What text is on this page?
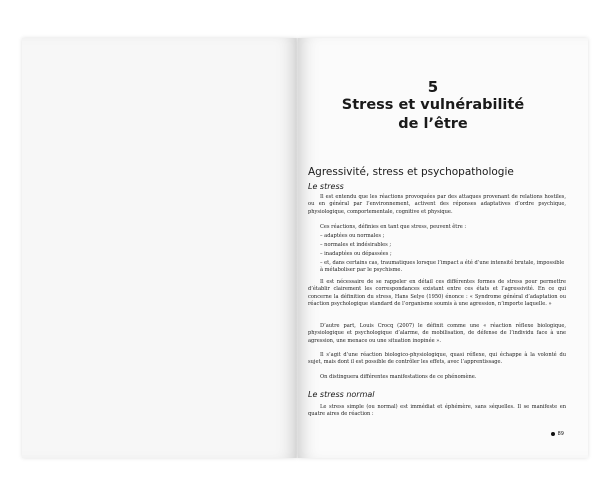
5
Stress et vulnérabilité
de l’être
Agressivité, stress et psychopathologie
Le stress

Il est entendu que les réactions provoquées par des attaques provenant de relations hostiles, ou en général par l’environnement, activent des réponses adaptatives d’ordre psychique, physiologique, comportementale, cognitive et physique.

Ces réactions, définies en tant que stress, peuvent être :

– adaptées ou normales ;

– normales et indésirables ;

– inadaptées ou dépassées ;

– et, dans certains cas, traumatiques lorsque l’impact a été d’une intensité brutale, impossible à métaboliser par le psychisme.

Il est nécessaire de se rappeler en détail ces différentes formes de stress pour permettre d’établir clairement les correspondances existant entre ces états et l’agressivité. En ce qui concerne la définition du stress, Hans Selye (1950) énonce : « Syndrome général d’adaptation ou réaction psychologique standard de l’organisme soumis à une agression, n’importe laquelle. »

D’autre part, Louis Crocq (2007) le définit comme une « réaction réflexe biologique, physiologique et psychologique d’alarme, de mobilisation, de défense de l’individu face à une agression, une menace ou une situation inopinée ».

Il s’agit d’une réaction biologico-physiologique, quasi réflexe, qui échappe à la volonté du sujet, mais dont il est possible de contrôler les effets, avec l’apprentissage.

On distinguera différentes manifestations de ce phénomène.

Le stress normal

Le stress simple (ou normal) est immédiat et éphémère, sans séquelles. Il se manifeste en quatre aires de réaction :

89
